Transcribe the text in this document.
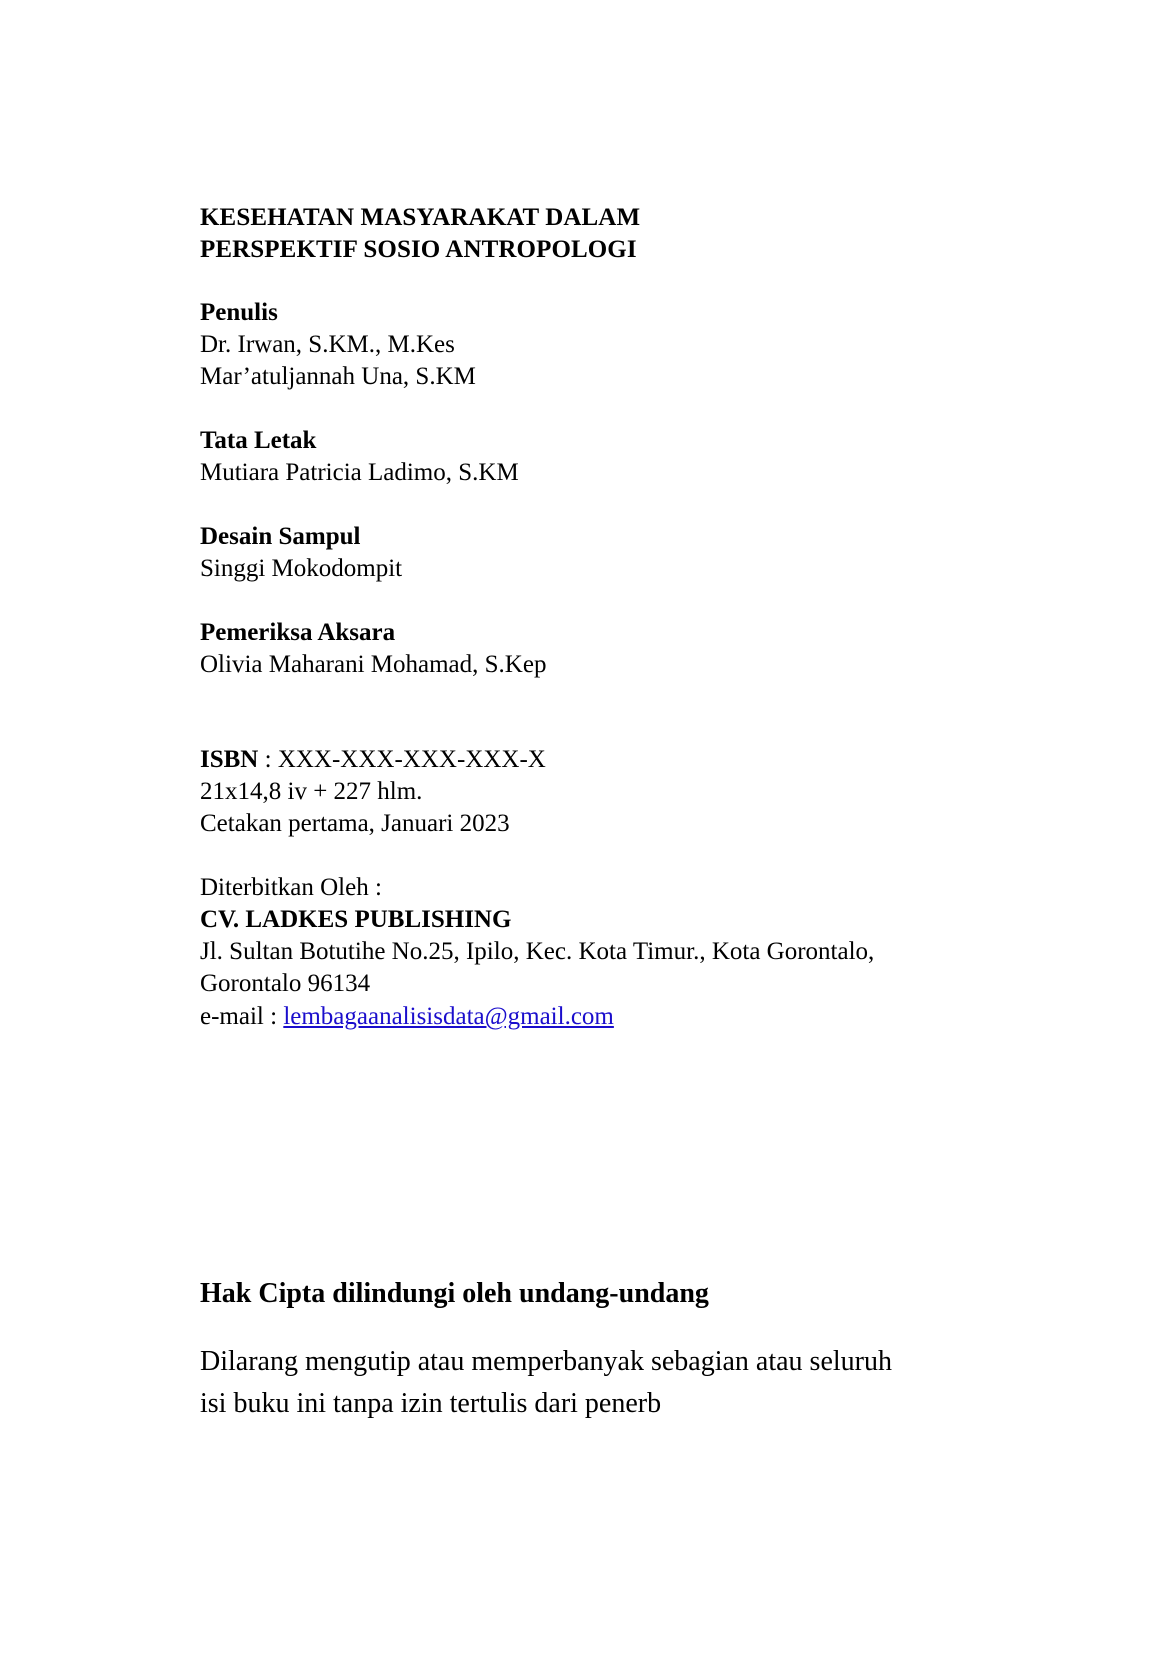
KESEHATAN MASYARAKAT DALAM
PERSPEKTIF SOSIO ANTROPOLOGI
Penulis
Dr. Irwan, S.KM., M.Kes
Mar’atuljannah Una, S.KM
Tata Letak
Mutiara Patricia Ladimo, S.KM
Desain Sampul
Singgi Mokodompit
Pemeriksa Aksara
Olivia Maharani Mohamad, S.Kep
ISBN : XXX-XXX-XXX-XXX-X
21x14,8 iv + 227 hlm.
Cetakan pertama, Januari 2023
Diterbitkan Oleh :
CV. LADKES PUBLISHING
Jl. Sultan Botutihe No.25, Ipilo, Kec. Kota Timur., Kota Gorontalo,
Gorontalo 96134
e-mail : lembagaanalisisdata@gmail.com
Hak Cipta dilindungi oleh undang-undang
Dilarang mengutip atau memperbanyak sebagian atau seluruh
isi buku ini tanpa izin tertulis dari penerb
